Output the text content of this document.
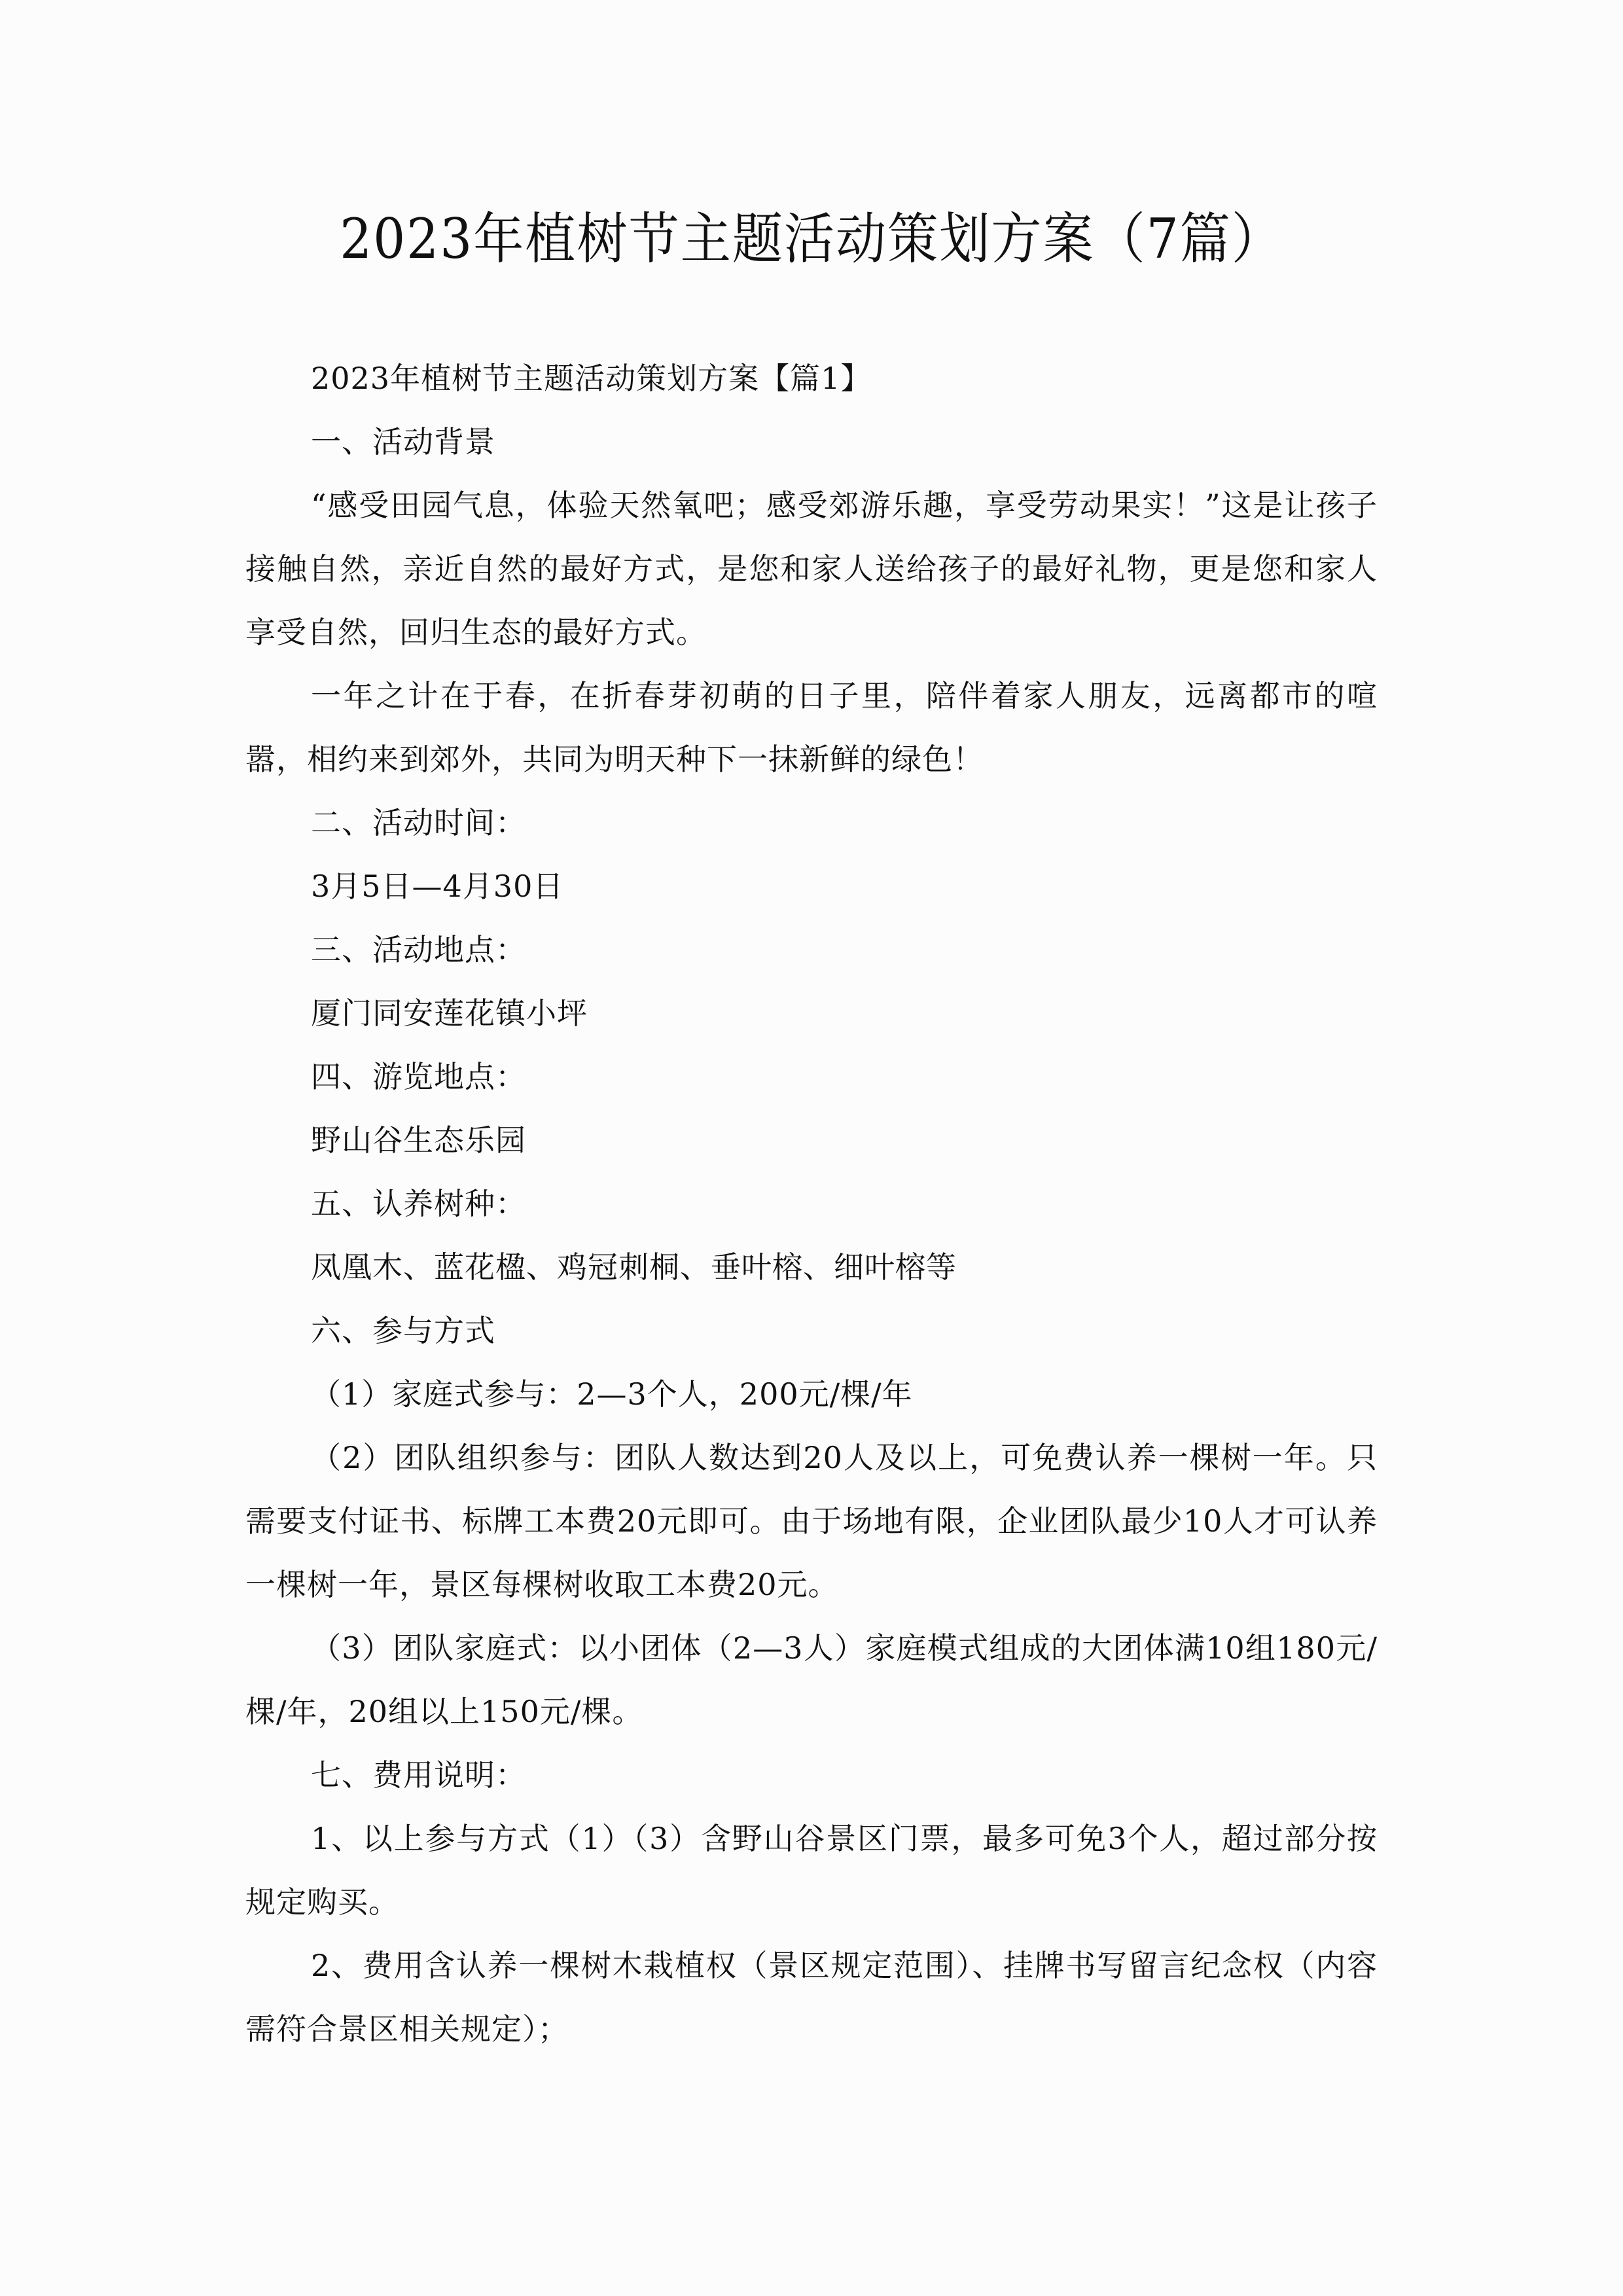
2023年植树节主题活动策划方案（7篇）

2023年植树节主题活动策划方案【篇1】

一、活动背景

“感受田园气息，体验天然氧吧；感受郊游乐趣，享受劳动果实！”这是让孩子接触自然，亲近自然的最好方式，是您和家人送给孩子的最好礼物，更是您和家人享受自然，回归生态的最好方式。

一年之计在于春，在折春芽初萌的日子里，陪伴着家人朋友，远离都市的喧嚣，相约来到郊外，共同为明天种下一抹新鲜的绿色！

二、活动时间：

3月5日—4月30日

三、活动地点：

厦门同安莲花镇小坪

四、游览地点：

野山谷生态乐园

五、认养树种：

凤凰木、蓝花楹、鸡冠刺桐、垂叶榕、细叶榕等

六、参与方式

（1）家庭式参与：2—3个人，200元/棵/年

（2）团队组织参与：团队人数达到20人及以上，可免费认养一棵树一年。只需要支付证书、标牌工本费20元即可。由于场地有限，企业团队最少10人才可认养一棵树一年，景区每棵树收取工本费20元。

（3）团队家庭式：以小团体（2—3人）家庭模式组成的大团体满10组180元/棵/年，20组以上150元/棵。

七、费用说明：

1、以上参与方式（1）（3）含野山谷景区门票，最多可免3个人，超过部分按规定购买。

2、费用含认养一棵树木栽植权（景区规定范围）、挂牌书写留言纪念权（内容需符合景区相关规定）；
